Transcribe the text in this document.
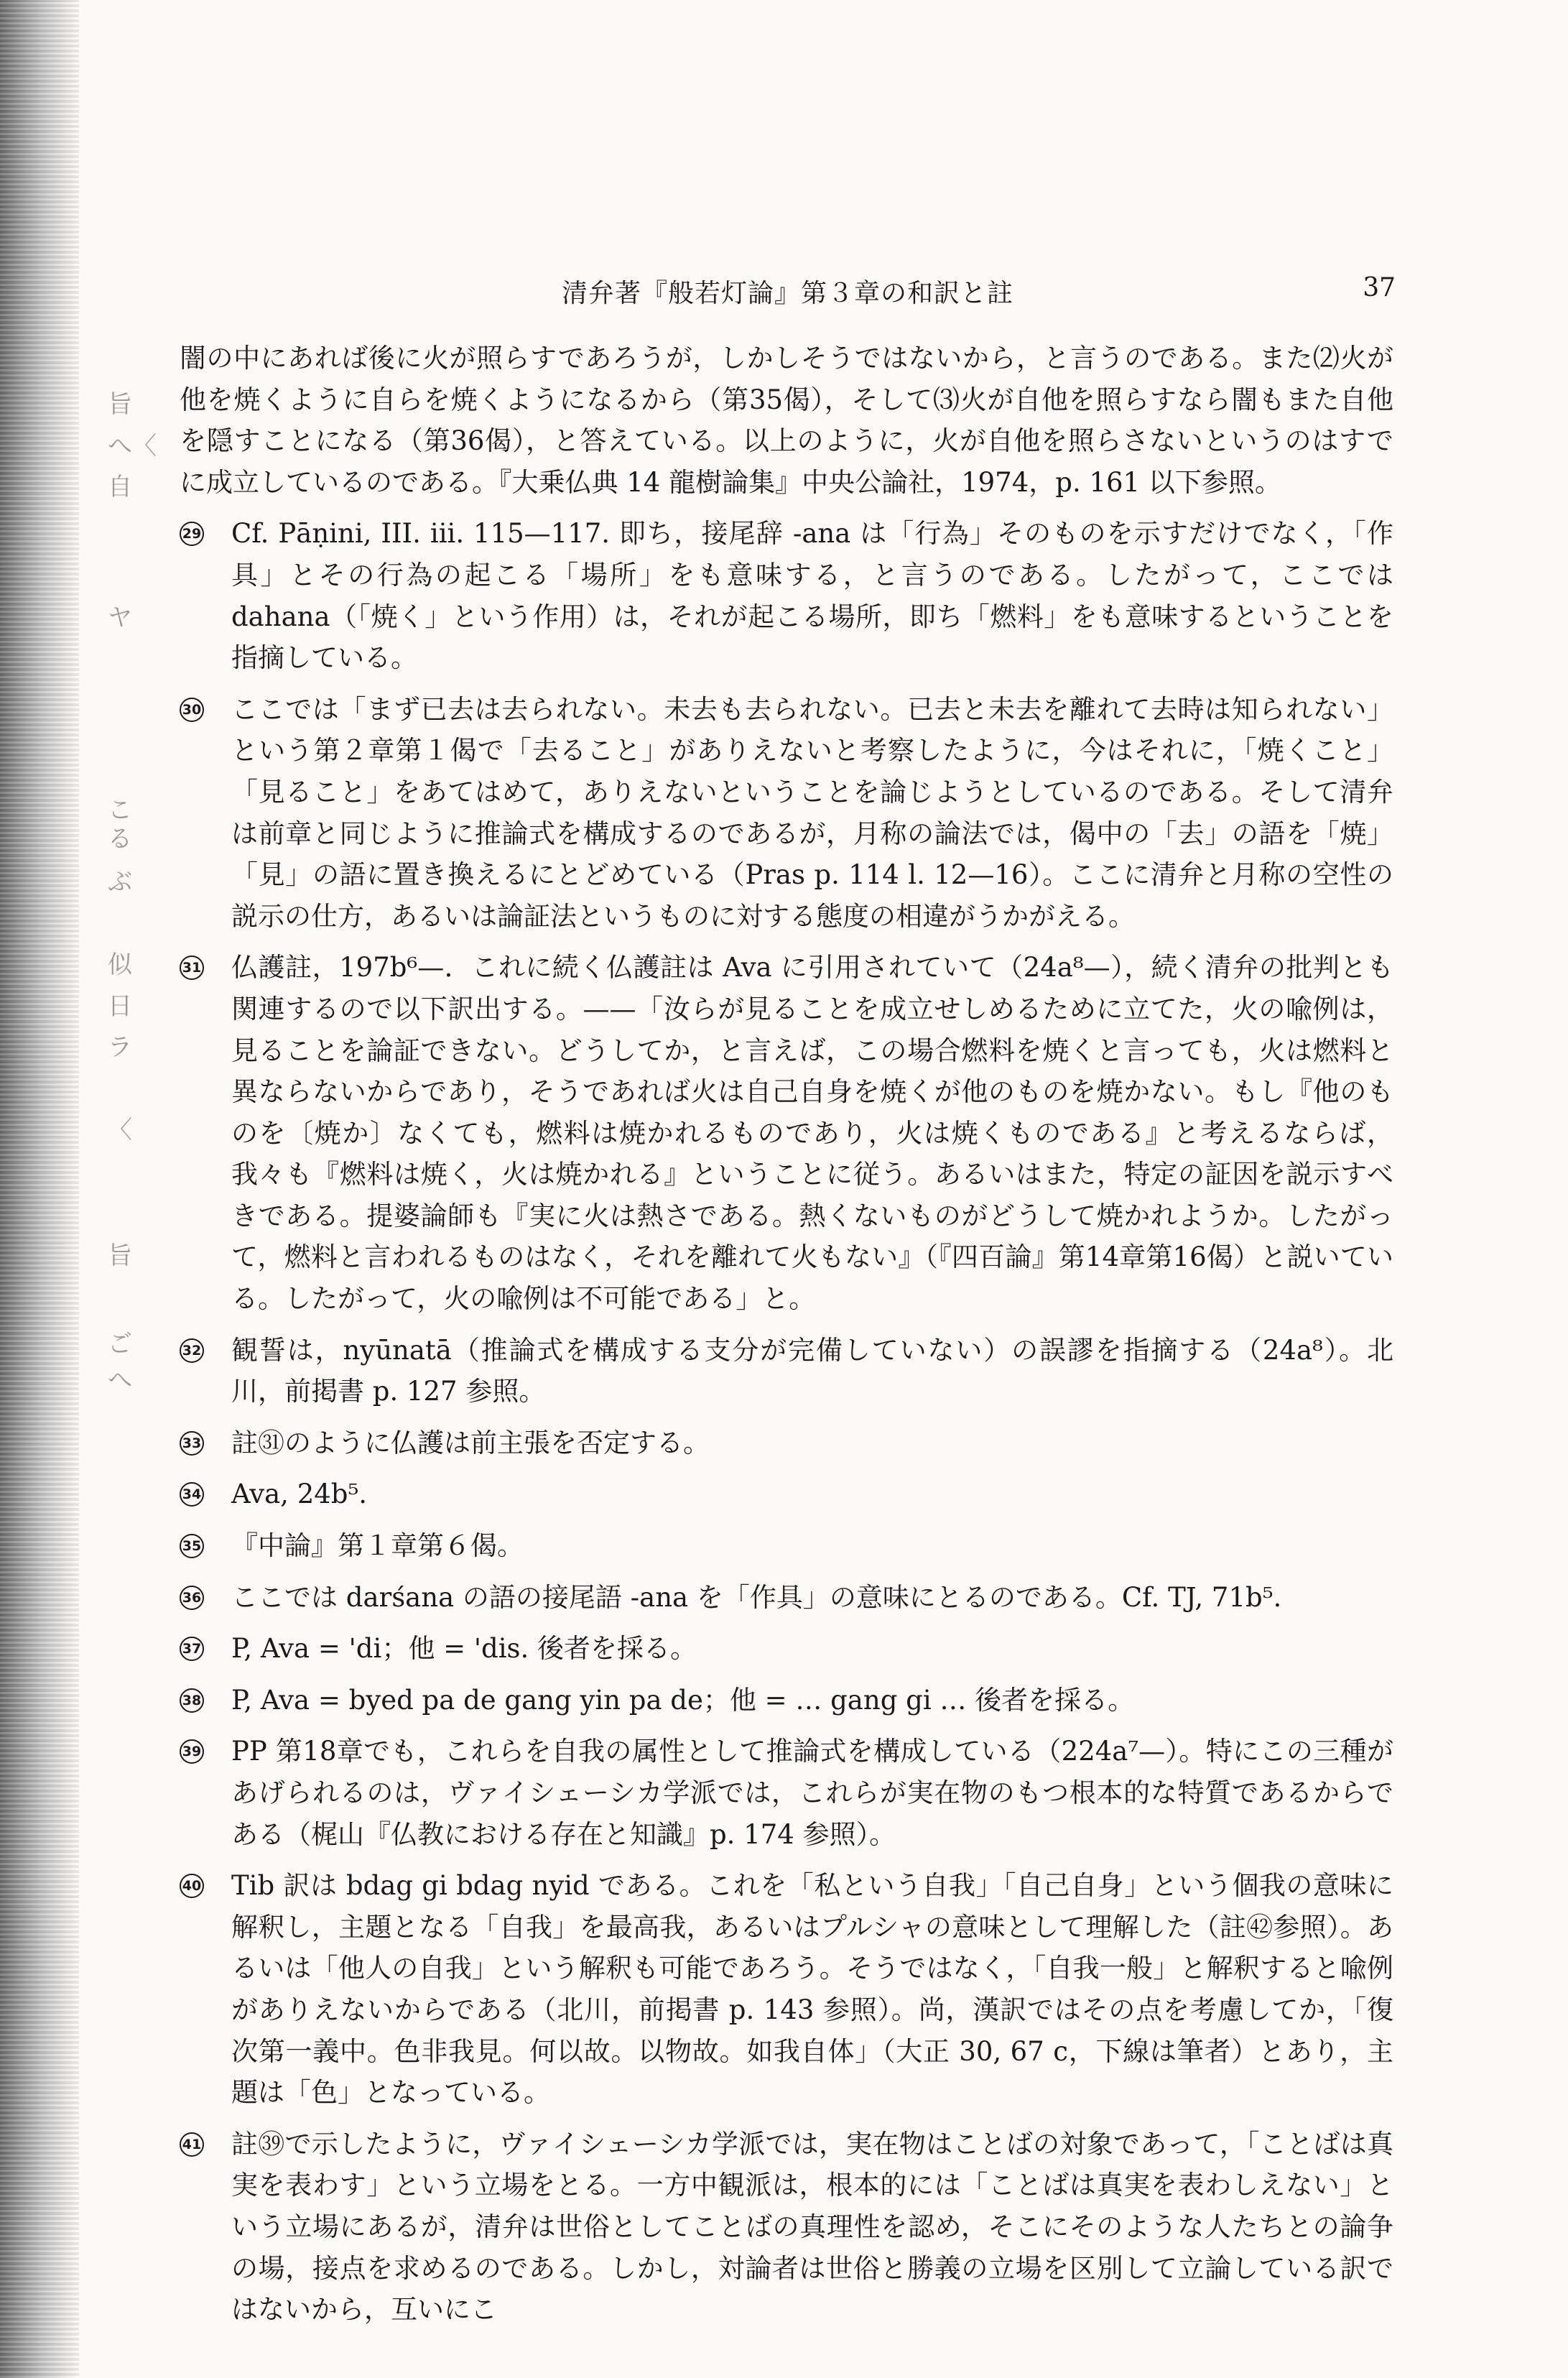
旨
へ〈
自
ヤ
こ
る
ぶ
似
日
ラ
〈
旨
ご
へ
清弁著『般若灯論』第３章の和訳と註	37

闇の中にあれば後に火が照らすであろうが，しかしそうではないから，と言うのである。また⑵火が他を焼くように自らを焼くようになるから（第35偈），そして⑶火が自他を照らすなら闇もまた自他を隠すことになる（第36偈），と答えている。以上のように，火が自他を照らさないというのはすでに成立しているのである。『大乗仏典 14 龍樹論集』中央公論社，1974，p. 161 以下参照。

29 Cf. Pāṇini, III. iii. 115—117. 即ち，接尾辞 -ana は「行為」そのものを示すだけでなく，「作具」とその行為の起こる「場所」をも意味する，と言うのである。したがって，ここでは dahana（「焼く」という作用）は，それが起こる場所，即ち「燃料」をも意味するということを指摘している。
30 ここでは「まず已去は去られない。未去も去られない。已去と未去を離れて去時は知られない」という第２章第１偈で「去ること」がありえないと考察したように，今はそれに，「焼くこと」「見ること」をあてはめて，ありえないということを論じようとしているのである。そして清弁は前章と同じように推論式を構成するのであるが，月称の論法では，偈中の「去」の語を「焼」「見」の語に置き換えるにとどめている（Pras p. 114 l. 12—16）。ここに清弁と月称の空性の説示の仕方，あるいは論証法というものに対する態度の相違がうかがえる。
31 仏護註，197b⁶—．これに続く仏護註は Ava に引用されていて（24a⁸—），続く清弁の批判とも関連するので以下訳出する。——「汝らが見ることを成立せしめるために立てた，火の喩例は，見ることを論証できない。どうしてか，と言えば，この場合燃料を焼くと言っても，火は燃料と異ならないからであり，そうであれば火は自己自身を焼くが他のものを焼かない。もし『他のものを〔焼か〕なくても，燃料は焼かれるものであり，火は焼くものである』と考えるならば，我々も『燃料は焼く，火は焼かれる』ということに従う。あるいはまた，特定の証因を説示すべきである。提婆論師も『実に火は熱さである。熱くないものがどうして焼かれようか。したがって，燃料と言われるものはなく，それを離れて火もない』（『四百論』第14章第16偈）と説いている。したがって，火の喩例は不可能である」と。
32 観誓は，nyūnatā（推論式を構成する支分が完備していない）の誤謬を指摘する（24a⁸）。北川，前掲書 p. 127 参照。
33 註㉛のように仏護は前主張を否定する。
34 Ava, 24b⁵.
35 『中論』第１章第６偈。
36 ここでは darśana の語の接尾語 -ana を「作具」の意味にとるのである。Cf. TJ, 71b⁵.
37 P, Ava = 'di；他 = 'dis. 後者を採る。
38 P, Ava = byed pa de gang yin pa de；他 = … gang gi … 後者を採る。
39 PP 第18章でも，これらを自我の属性として推論式を構成している（224a⁷—）。特にこの三種があげられるのは，ヴァイシェーシカ学派では，これらが実在物のもつ根本的な特質であるからである（梶山『仏教における存在と知識』p. 174 参照）。
40 Tib 訳は bdag gi bdag nyid である。これを「私という自我」「自己自身」という個我の意味に解釈し，主題となる「自我」を最高我，あるいはプルシャの意味として理解した（註㊷参照）。あるいは「他人の自我」という解釈も可能であろう。そうではなく，「自我一般」と解釈すると喩例がありえないからである（北川，前掲書 p. 143 参照）。尚，漢訳ではその点を考慮してか，「復次第一義中。色非我見。何以故。以物故。如我自体」（大正 30, 67 c，下線は筆者）とあり，主題は「色」となっている。
41 註㊴で示したように，ヴァイシェーシカ学派では，実在物はことばの対象であって，「ことばは真実を表わす」という立場をとる。一方中観派は，根本的には「ことばは真実を表わしえない」という立場にあるが，清弁は世俗としてことばの真理性を認め，そこにそのような人たちとの論争の場，接点を求めるのである。しかし，対論者は世俗と勝義の立場を区別して立論している訳ではないから，互いにこ
